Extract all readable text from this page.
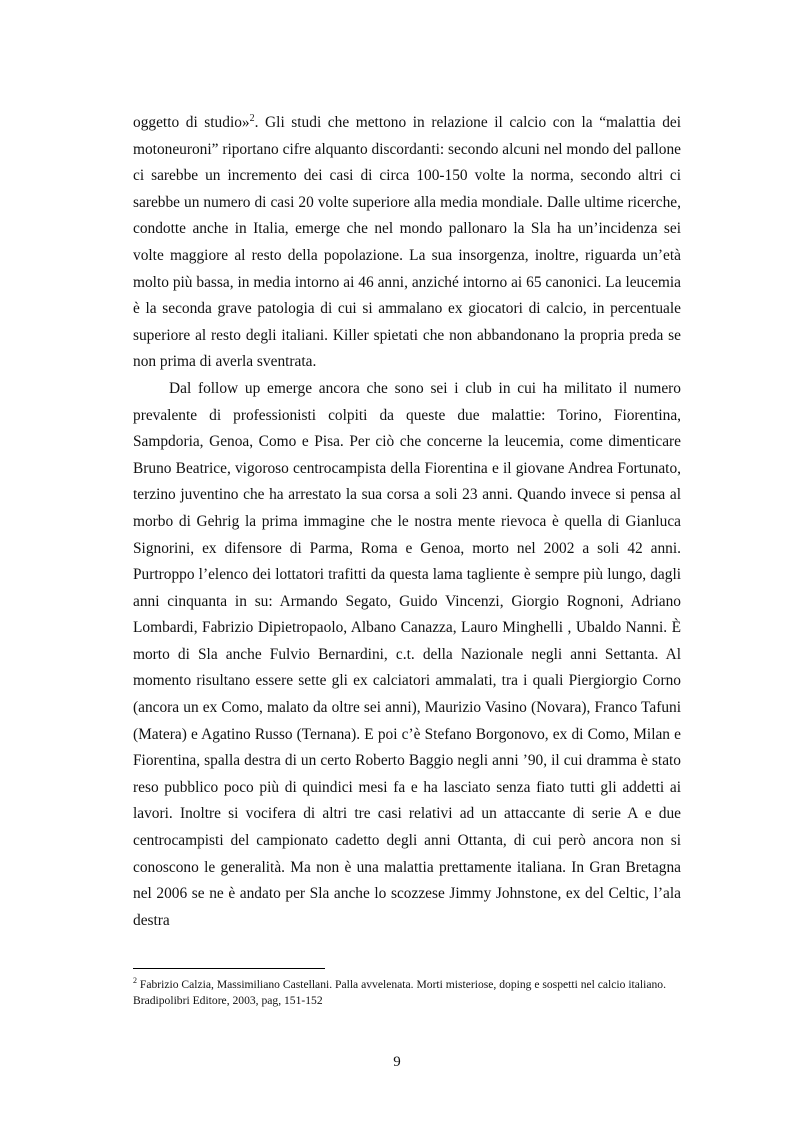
oggetto di studio»$^2$. Gli studi che mettono in relazione il calcio con la “malattia dei motoneuroni” riportano cifre alquanto discordanti: secondo alcuni nel mondo del pallone ci sarebbe un incremento dei casi di circa 100-150 volte la norma, secondo altri ci sarebbe un numero di casi 20 volte superiore alla media mondiale. Dalle ultime ricerche, condotte anche in Italia, emerge che nel mondo pallonaro la Sla ha un’incidenza sei volte maggiore al resto della popolazione. La sua insorgenza, inoltre, riguarda un’età molto più bassa, in media intorno ai 46 anni, anziché intorno ai 65 canonici. La leucemia è la seconda grave patologia di cui si ammalano ex giocatori di calcio, in percentuale superiore al resto degli italiani. Killer spietati che non abbandonano la propria preda se non prima di averla sventrata.

Dal follow up emerge ancora che sono sei i club in cui ha militato il numero prevalente di professionisti colpiti da queste due malattie: Torino, Fiorentina, Sampdoria, Genoa, Como e Pisa. Per ciò che concerne la leucemia, come dimenticare Bruno Beatrice, vigoroso centrocampista della Fiorentina e il giovane Andrea Fortunato, terzino juventino che ha arrestato la sua corsa a soli 23 anni. Quando invece si pensa al morbo di Gehrig la prima immagine che le nostra mente rievoca è quella di Gianluca Signorini, ex difensore di Parma, Roma e Genoa, morto nel 2002 a soli 42 anni. Purtroppo l’elenco dei lottatori trafitti da questa lama tagliente è sempre più lungo, dagli anni cinquanta in su: Armando Segato, Guido Vincenzi, Giorgio Rognoni, Adriano Lombardi, Fabrizio Dipietropaolo, Albano Canazza, Lauro Minghelli , Ubaldo Nanni. È morto di Sla anche Fulvio Bernardini, c.t. della Nazionale negli anni Settanta. Al momento risultano essere sette gli ex calciatori ammalati, tra i quali Piergiorgio Corno (ancora un ex Como, malato da oltre sei anni), Maurizio Vasino (Novara), Franco Tafuni (Matera) e Agatino Russo (Ternana). E poi c’è Stefano Borgonovo, ex di Como, Milan e Fiorentina, spalla destra di un certo Roberto Baggio negli anni ’90, il cui dramma è stato reso pubblico poco più di quindici mesi fa e ha lasciato senza fiato tutti gli addetti ai lavori. Inoltre si vocifera di altri tre casi relativi ad un attaccante di serie A e due centrocampisti del campionato cadetto degli anni Ottanta, di cui però ancora non si conoscono le generalità. Ma non è una malattia prettamente italiana. In Gran Bretagna nel 2006 se ne è andato per Sla anche lo scozzese Jimmy Johnstone, ex del Celtic, l’ala destra

$^2$ Fabrizio Calzia, Massimiliano Castellani. Palla avvelenata. Morti misteriose, doping e sospetti nel calcio italiano. Bradipolibri Editore, 2003, pag, 151-152
9
